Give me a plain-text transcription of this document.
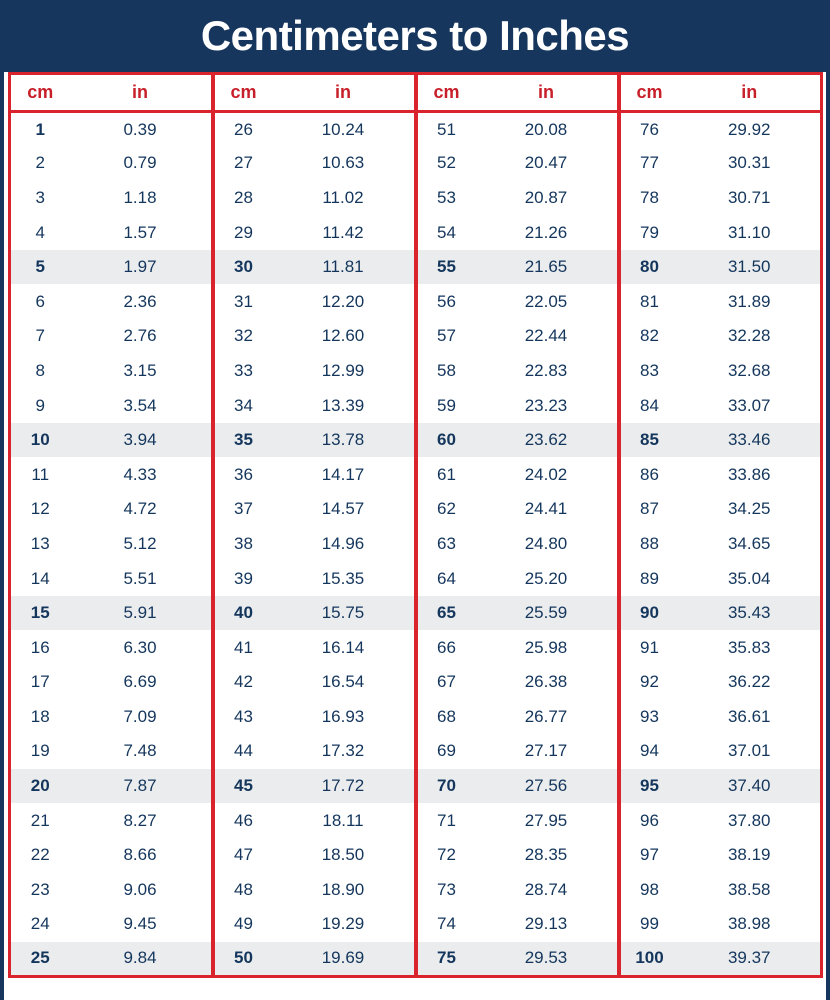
Centimeters to Inches
cm	in	cm	in	cm	in	cm	in
1	0.39	26	10.24	51	20.08	76	29.92
2	0.79	27	10.63	52	20.47	77	30.31
3	1.18	28	11.02	53	20.87	78	30.71
4	1.57	29	11.42	54	21.26	79	31.10
5	1.97	30	11.81	55	21.65	80	31.50
6	2.36	31	12.20	56	22.05	81	31.89
7	2.76	32	12.60	57	22.44	82	32.28
8	3.15	33	12.99	58	22.83	83	32.68
9	3.54	34	13.39	59	23.23	84	33.07
10	3.94	35	13.78	60	23.62	85	33.46
11	4.33	36	14.17	61	24.02	86	33.86
12	4.72	37	14.57	62	24.41	87	34.25
13	5.12	38	14.96	63	24.80	88	34.65
14	5.51	39	15.35	64	25.20	89	35.04
15	5.91	40	15.75	65	25.59	90	35.43
16	6.30	41	16.14	66	25.98	91	35.83
17	6.69	42	16.54	67	26.38	92	36.22
18	7.09	43	16.93	68	26.77	93	36.61
19	7.48	44	17.32	69	27.17	94	37.01
20	7.87	45	17.72	70	27.56	95	37.40
21	8.27	46	18.11	71	27.95	96	37.80
22	8.66	47	18.50	72	28.35	97	38.19
23	9.06	48	18.90	73	28.74	98	38.58
24	9.45	49	19.29	74	29.13	99	38.98
25	9.84	50	19.69	75	29.53	100	39.37
